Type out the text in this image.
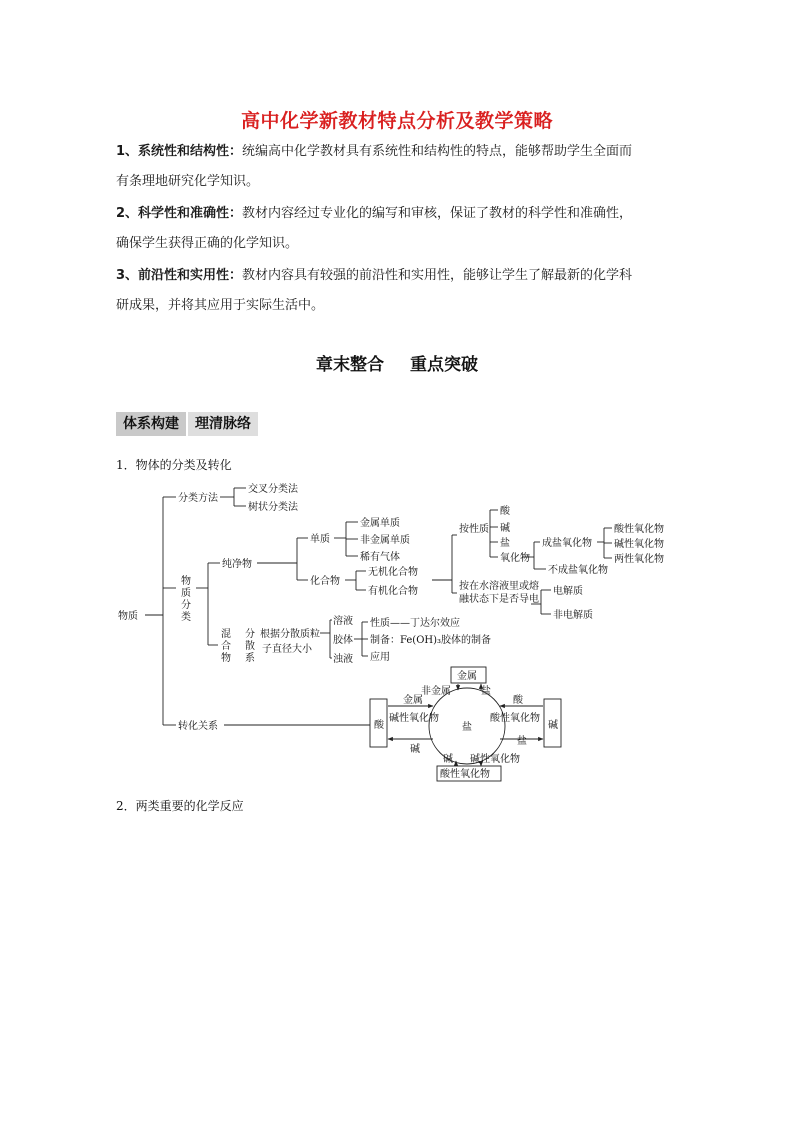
高中化学新教材特点分析及教学策略
1、系统性和结构性：统编高中化学教材具有系统性和结构性的特点，能够帮助学生全面而
有条理地研究化学知识。
2、科学性和准确性：教材内容经过专业化的编写和审核，保证了教材的科学性和准确性，
确保学生获得正确的化学知识。
3、前沿性和实用性：教材内容具有较强的前沿性和实用性，能够让学生了解最新的化学科
研成果，并将其应用于实际生活中。
章末整合 重点突破
体系构建	理清脉络
1．物体的分类及转化
物质
分类方法
交叉分类法
树状分类法
物
质
分
类
纯净物
单质
金属单质
非金属单质
稀有气体
化合物
无机化合物
有机化合物
按性质
酸
碱
盐
氧化物
成盐氧化物
不成盐氧化物
酸性氧化物
碱性氧化物
两性氧化物
按在水溶液里或熔
融状态下是否导电
电解质
非电解质
混
合
物
分
散
系
根据分散质粒
子直径大小
溶液
胶体
浊液
性质——丁达尔效应
制备：Fe(OH)₃胶体的制备
应用
转化关系	酸	碱
金属
酸性氧化物
盐
金属
碱性氧化物
碱
酸
酸性氧化物
盐
非金属	盐
碱 碱性氧化物
2．两类重要的化学反应
